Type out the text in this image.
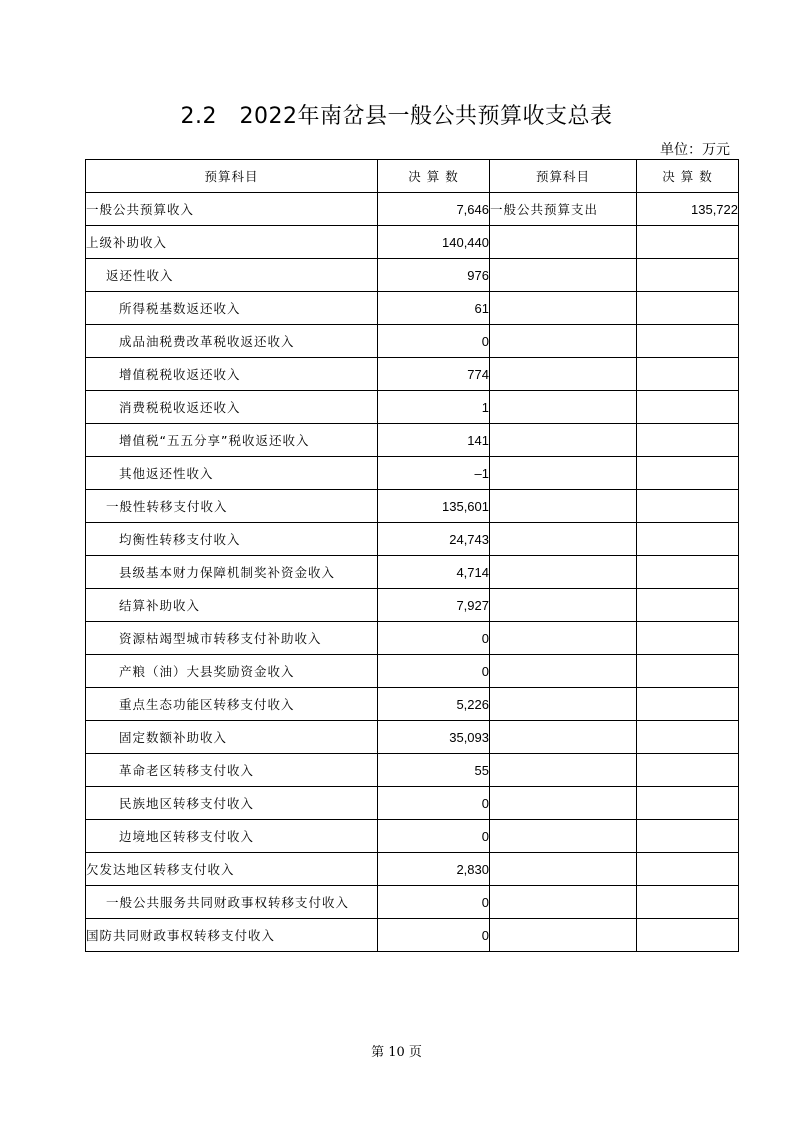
2.2   2022年南岔县一般公共预算收支总表
单位：万元
预算科目	决 算 数	预算科目	决 算 数
一般公共预算收入	7,646	一般公共预算支出	135,722
上级补助收入	140,440		
返还性收入	976		
所得税基数返还收入	61		
成品油税费改革税收返还收入	0		
增值税税收返还收入	774		
消费税税收返还收入	1		
增值税“五五分享”税收返还收入	141		
其他返还性收入	–1		
一般性转移支付收入	135,601		
均衡性转移支付收入	24,743		
县级基本财力保障机制奖补资金收入	4,714		
结算补助收入	7,927		
资源枯竭型城市转移支付补助收入	0		
产粮（油）大县奖励资金收入	0		
重点生态功能区转移支付收入	5,226		
固定数额补助收入	35,093		
革命老区转移支付收入	55		
民族地区转移支付收入	0		
边境地区转移支付收入	0		
欠发达地区转移支付收入	2,830		
一般公共服务共同财政事权转移支付收入	0		
国防共同财政事权转移支付收入	0		
第 10 页
